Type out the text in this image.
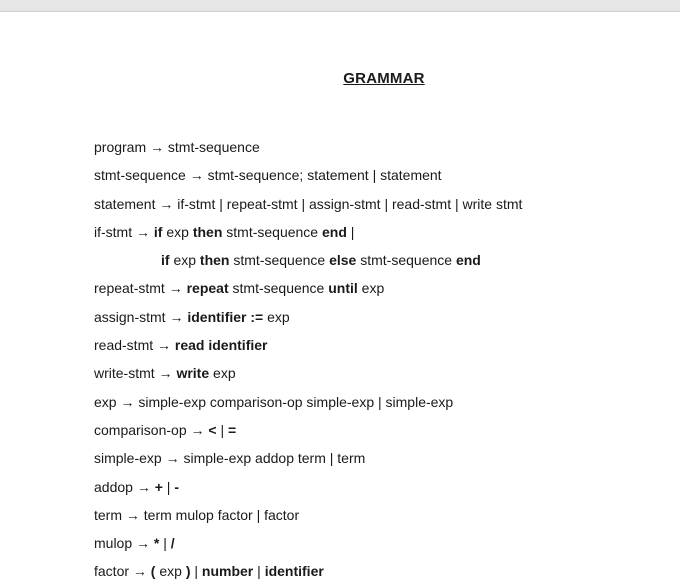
GRAMMAR
program → stmt-sequence
stmt-sequence → stmt-sequence; statement | statement
statement → if-stmt | repeat-stmt | assign-stmt | read-stmt | write stmt
if-stmt → if exp then stmt-sequence end |
if exp then stmt-sequence else stmt-sequence end
repeat-stmt → repeat stmt-sequence until exp
assign-stmt → identifier := exp
read-stmt → read identifier
write-stmt → write exp
exp → simple-exp comparison-op simple-exp | simple-exp
comparison-op → < | =
simple-exp → simple-exp addop term | term
addop → + | -
term → term mulop factor | factor
mulop → * | /
factor → ( exp ) | number | identifier
